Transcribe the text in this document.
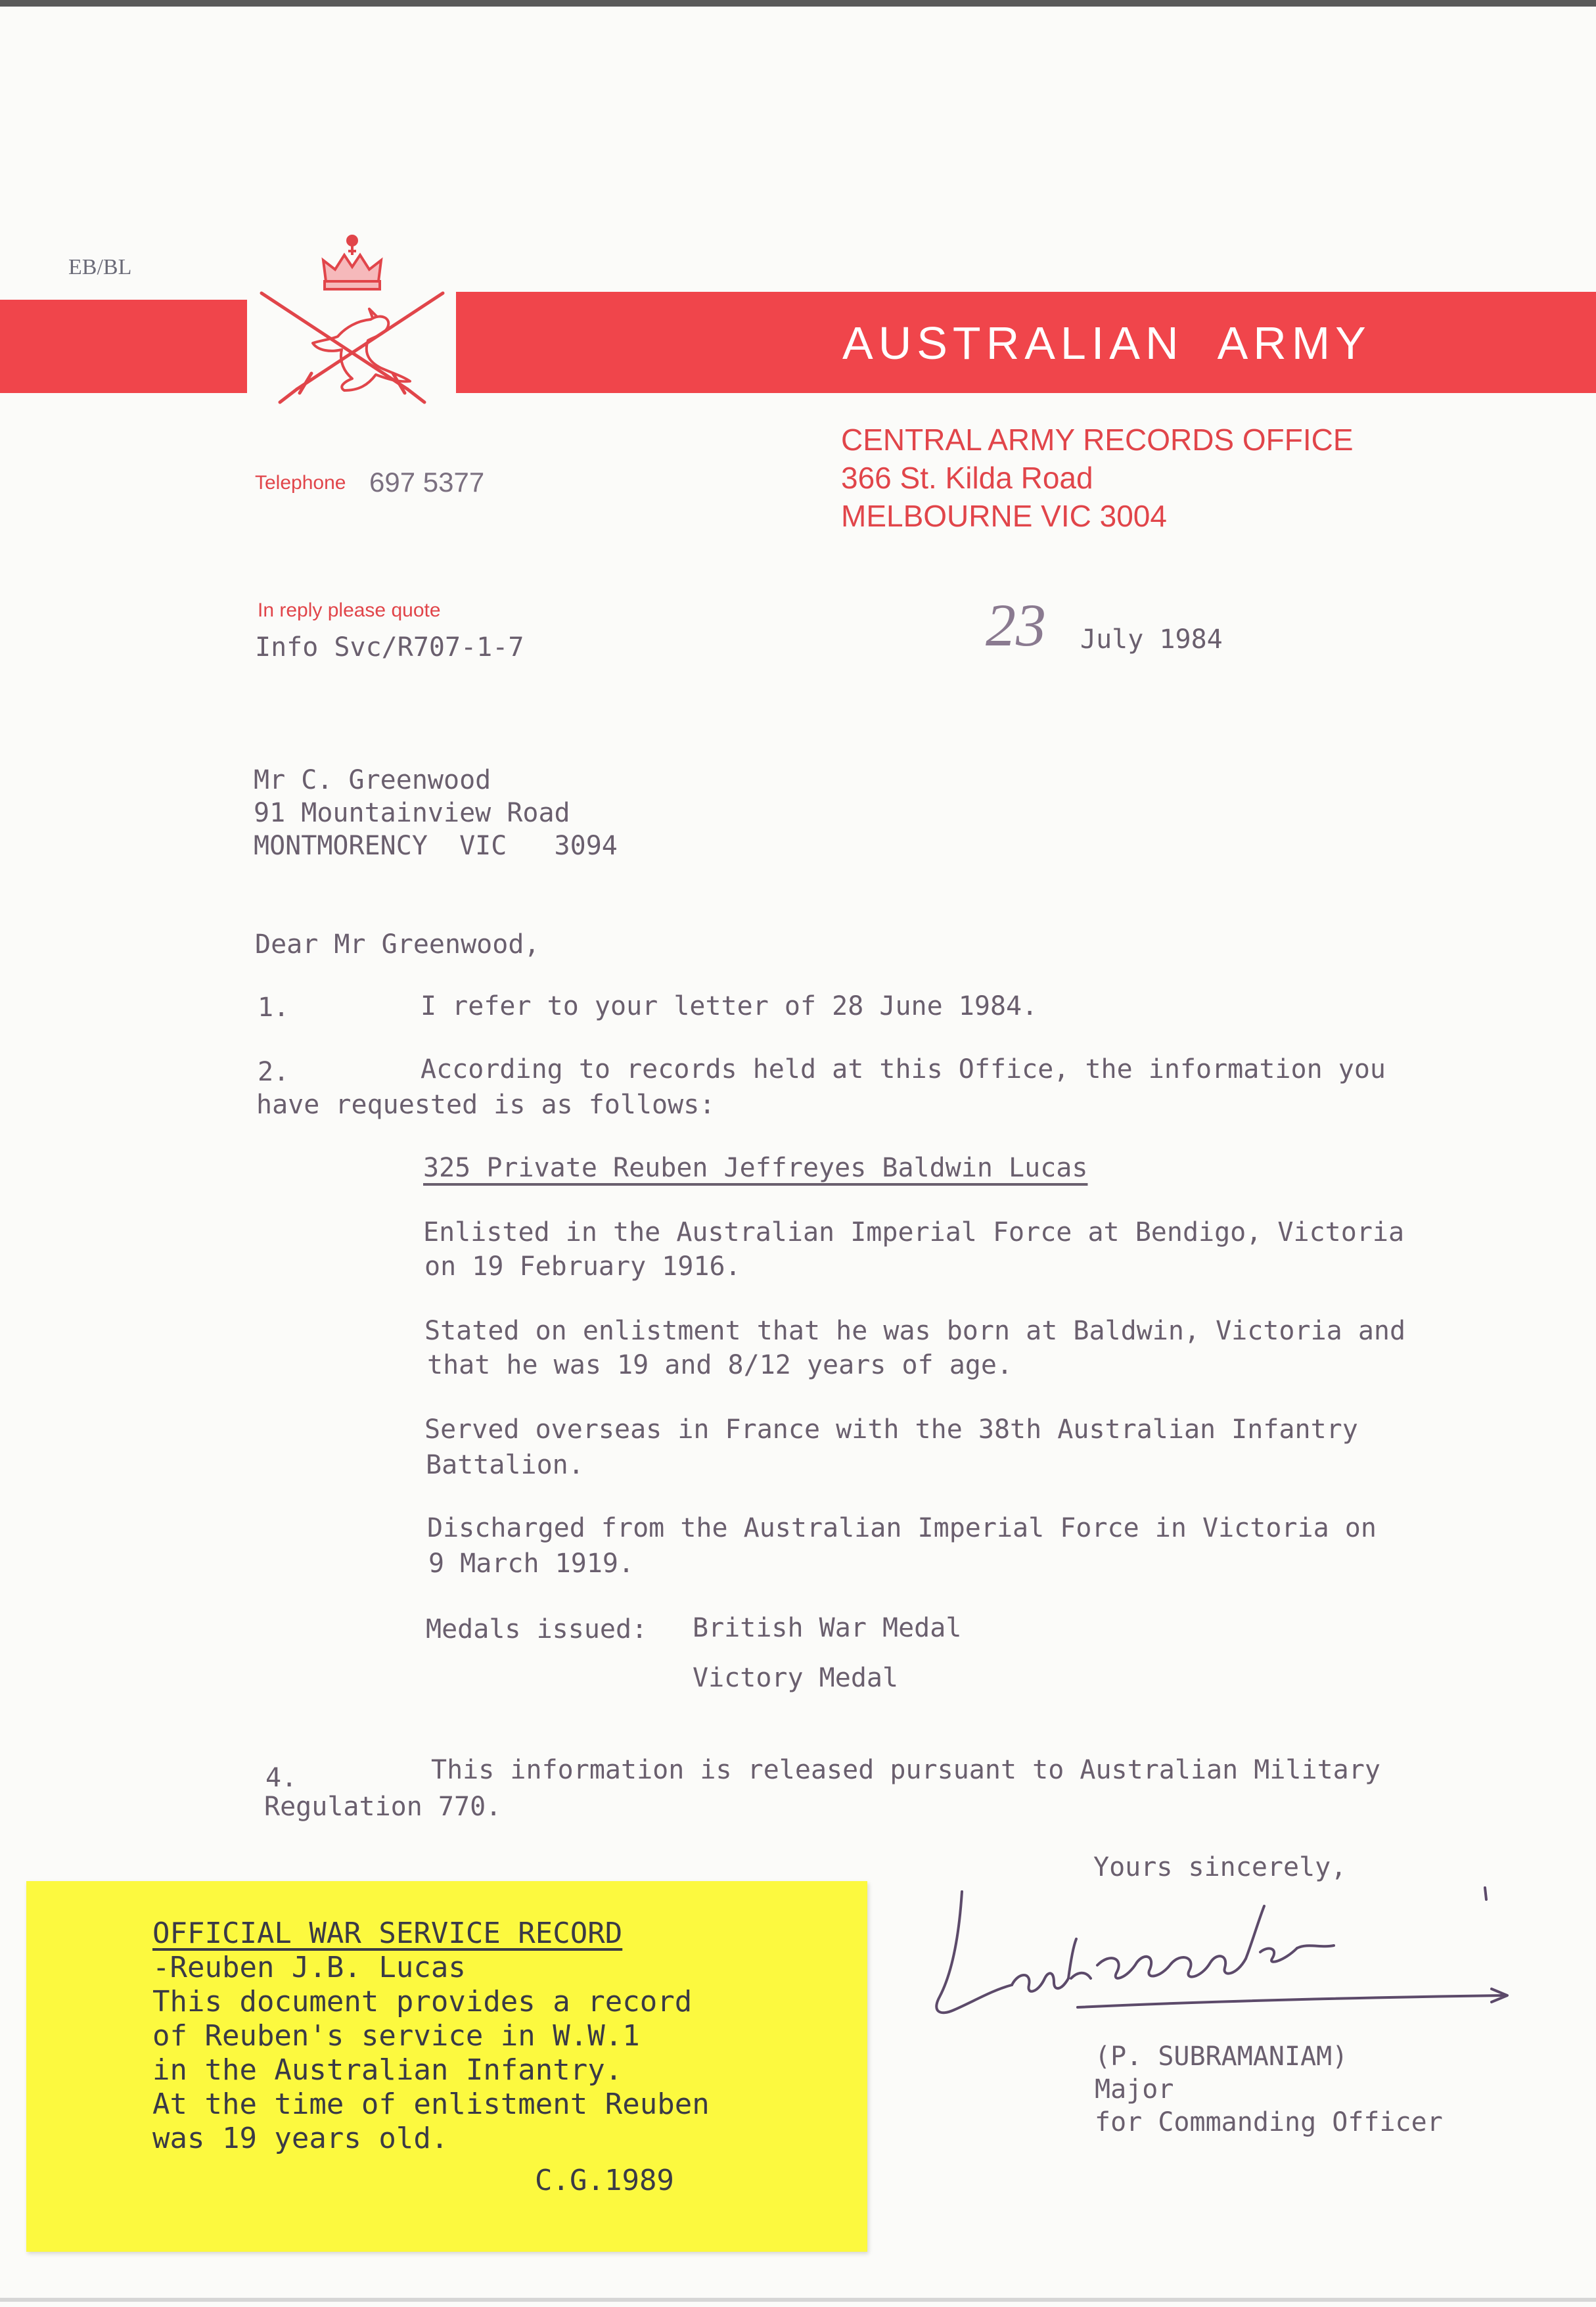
EB/BL
AUSTRALIAN  ARMY
Telephone 697 5377
CENTRAL ARMY RECORDS OFFICE
366 St. Kilda Road
MELBOURNE VIC 3004
In reply please quote
Info Svc/R707-1-7	23 July 1984
Mr C. Greenwood
91 Mountainview Road
MONTMORENCY  VIC   3094
Dear Mr Greenwood,
1.	I refer to your letter of 28 June 1984.
2.	According to records held at this Office, the information you
have requested is as follows:
325 Private Reuben Jeffreyes Baldwin Lucas
Enlisted in the Australian Imperial Force at Bendigo, Victoria
on 19 February 1916.
Stated on enlistment that he was born at Baldwin, Victoria and
that he was 19 and 8/12 years of age.
Served overseas in France with the 38th Australian Infantry
Battalion.
Discharged from the Australian Imperial Force in Victoria on
9 March 1919.
Medals issued: British War Medal
Victory Medal
4.	This information is released pursuant to Australian Military
Regulation 770.
Yours sincerely,
(P. SUBRAMANIAM)
Major
for Commanding Officer
OFFICIAL WAR SERVICE RECORD
-Reuben J.B. Lucas
This document provides a record
of Reuben's service in W.W.1
in the Australian Infantry.
At the time of enlistment Reuben
was 19 years old.
C.G.1989
